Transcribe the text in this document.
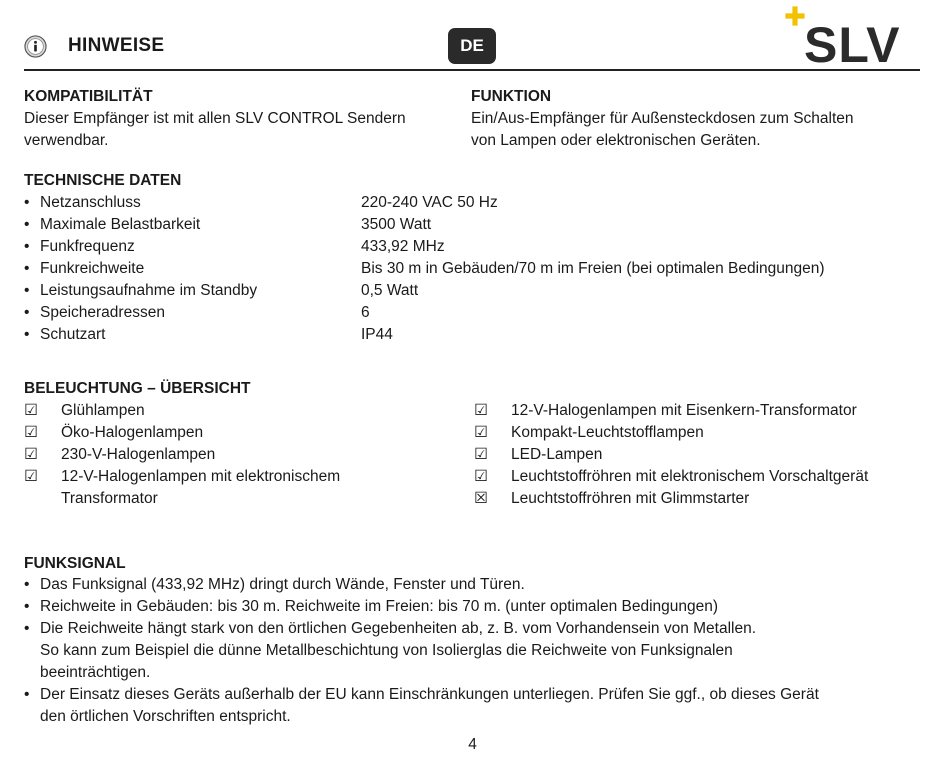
HINWEISE	DE	SLV
KOMPATIBILITÄT
Dieser Empfänger ist mit allen SLV CONTROL Sendern
verwendbar.
FUNKTION
Ein/Aus-Empfänger für Außensteckdosen zum Schalten
von Lampen oder elektronischen Geräten.
TECHNISCHE DATEN
• Netzanschluss	220-240 VAC 50 Hz
• Maximale Belastbarkeit	3500 Watt
• Funkfrequenz	433,92 MHz
• Funkreichweite	Bis 30 m in Gebäuden/70 m im Freien (bei optimalen Bedingungen)
• Leistungsaufnahme im Standby	0,5 Watt
• Speicheradressen	6
• Schutzart	IP44
BELEUCHTUNG – ÜBERSICHT
☑ Glühlampen
☑ Öko-Halogenlampen
☑ 230-V-Halogenlampen
☑ 12-V-Halogenlampen mit elektronischem
Transformator
☑ 12-V-Halogenlampen mit Eisenkern-Transformator
☑ Kompakt-Leuchtstofflampen
☑ LED-Lampen
☑ Leuchtstoffröhren mit elektronischem Vorschaltgerät
☒ Leuchtstoffröhren mit Glimmstarter
FUNKSIGNAL
• Das Funksignal (433,92 MHz) dringt durch Wände, Fenster und Türen.
• Reichweite in Gebäuden: bis 30 m. Reichweite im Freien: bis 70 m. (unter optimalen Bedingungen)
• Die Reichweite hängt stark von den örtlichen Gegebenheiten ab, z. B. vom Vorhandensein von Metallen.
So kann zum Beispiel die dünne Metallbeschichtung von Isolierglas die Reichweite von Funksignalen
beeinträchtigen.
• Der Einsatz dieses Geräts außerhalb der EU kann Einschränkungen unterliegen. Prüfen Sie ggf., ob dieses Gerät
den örtlichen Vorschriften entspricht.
4
